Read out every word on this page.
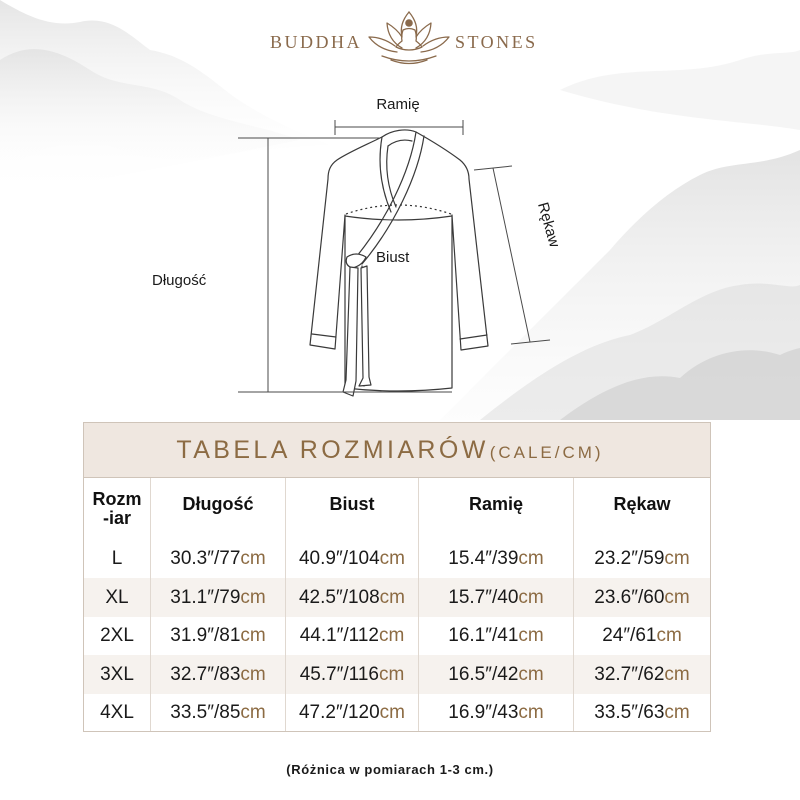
BUDDHA	STONES
Ramię
Biust
Długość
Rękaw
TABELA ROZMIARÓW(CALE/CM)
Rozm
-iar
Długość	Biust	Ramię	Rękaw
L	30.3″/77 cm 40.9″/104 cm 15.4″/39 cm	23.2″/59 cm
XL	31.1″/79 cm 42.5″/108 cm 15.7″/40 cm	23.6″/60 cm
2XL	31.9″/81 cm 44.1″/112 cm 16.1″/41 cm	24″/61 cm
3XL	32.7″/83 cm 45.7″/116 cm 16.5″/42 cm	32.7″/62 cm
4XL	33.5″/85 cm 47.2″/120 cm 16.9″/43 cm	33.5″/63 cm
(Różnica w pomiarach 1-3 cm.)
